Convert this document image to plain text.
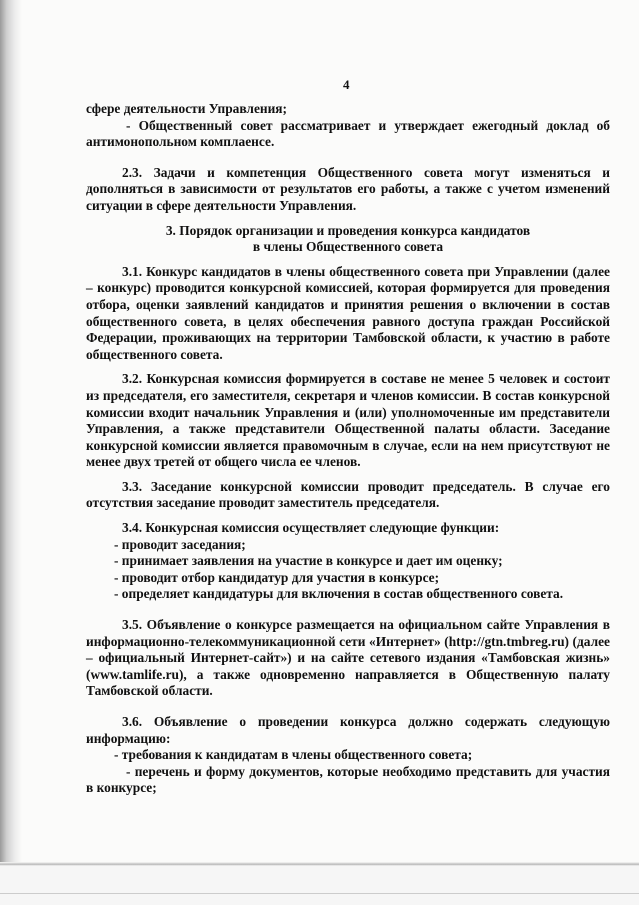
4

сфере деятельности Управления;

- Общественный совет рассматривает и утверждает ежегодный доклад об антимонопольном комплаенсе.

2.3. Задачи и компетенция Общественного совета могут изменяться и дополняться в зависимости от результатов его работы, а также с учетом изменений ситуации в сфере деятельности Управления.

3. Порядок организации и проведения конкурса кандидатов

в члены Общественного совета

3.1. Конкурс кандидатов в члены общественного совета при Управлении (далее – конкурс) проводится конкурсной комиссией, которая формируется для проведения отбора, оценки заявлений кандидатов и принятия решения о включении в состав общественного совета, в целях обеспечения равного доступа граждан Российской Федерации, проживающих на территории Тамбовской области, к участию в работе общественного совета.

3.2. Конкурсная комиссия формируется в составе не менее 5 человек и состоит из председателя, его заместителя, секретаря и членов комиссии. В состав конкурсной комиссии входит начальник Управления и (или) уполномоченные им представители Управления, а также представители Общественной палаты области. Заседание конкурсной комиссии является правомочным в случае, если на нем присутствуют не менее двух третей от общего числа ее членов.

3.3. Заседание конкурсной комиссии проводит председатель. В случае его отсутствия заседание проводит заместитель председателя.

3.4. Конкурсная комиссия осуществляет следующие функции:

- проводит заседания;

- принимает заявления на участие в конкурсе и дает им оценку;

- проводит отбор кандидатур для участия в конкурсе;

- определяет кандидатуры для включения в состав общественного совета.

3.5. Объявление о конкурсе размещается на официальном сайте Управления в информационно-телекоммуникационной сети «Интернет» (http://gtn.tmbreg.ru) (далее – официальный Интернет-сайт») и на сайте сетевого издания «Тамбовская жизнь» (www.tamlife.ru), а также одновременно направляется в Общественную палату Тамбовской области.

3.6. Объявление о проведении конкурса должно содержать следующую информацию:

- требования к кандидатам в члены общественного совета;

- перечень и форму документов, которые необходимо представить для участия в конкурсе;
